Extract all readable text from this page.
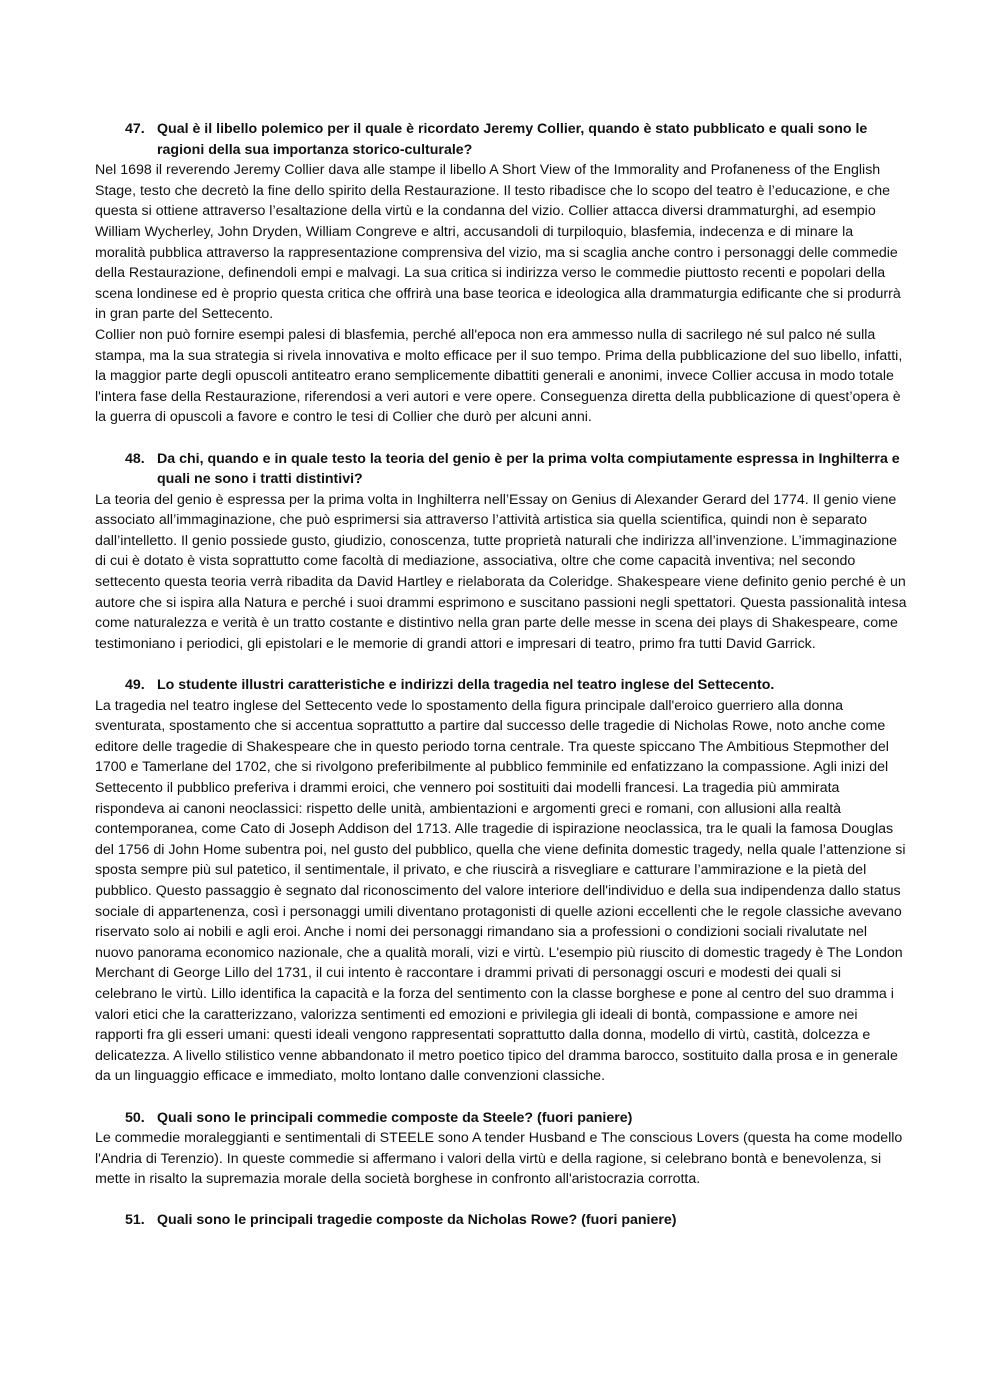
47. Qual è il libello polemico per il quale è ricordato Jeremy Collier, quando è stato pubblicato e quali sono le ragioni della sua importanza storico-culturale?

Nel 1698 il reverendo Jeremy Collier dava alle stampe il libello A Short View of the Immorality and Profaneness of the English Stage, testo che decretò la fine dello spirito della Restaurazione. Il testo ribadisce che lo scopo del teatro è l’educazione, e che questa si ottiene attraverso l’esaltazione della virtù e la condanna del vizio. Collier attacca diversi drammaturghi, ad esempio William Wycherley, John Dryden, William Congreve e altri, accusandoli di turpiloquio, blasfemia, indecenza e di minare la moralità pubblica attraverso la rappresentazione comprensiva del vizio, ma si scaglia anche contro i personaggi delle commedie della Restaurazione, definendoli empi e malvagi. La sua critica si indirizza verso le commedie piuttosto recenti e popolari della scena londinese ed è proprio questa critica che offrirà una base teorica e ideologica alla drammaturgia edificante che si produrrà in gran parte del Settecento.

Collier non può fornire esempi palesi di blasfemia, perché all'epoca non era ammesso nulla di sacrilego né sul palco né sulla stampa, ma la sua strategia si rivela innovativa e molto efficace per il suo tempo. Prima della pubblicazione del suo libello, infatti, la maggior parte degli opuscoli antiteatro erano semplicemente dibattiti generali e anonimi, invece Collier accusa in modo totale l'intera fase della Restaurazione, riferendosi a veri autori e vere opere. Conseguenza diretta della pubblicazione di quest’opera è la guerra di opuscoli a favore e contro le tesi di Collier che durò per alcuni anni.

48. Da chi, quando e in quale testo la teoria del genio è per la prima volta compiutamente espressa in Inghilterra e quali ne sono i tratti distintivi?

La teoria del genio è espressa per la prima volta in Inghilterra nell’Essay on Genius di Alexander Gerard del 1774. Il genio viene associato all’immaginazione, che può esprimersi sia attraverso l’attività artistica sia quella scientifica, quindi non è separato dall’intelletto. Il genio possiede gusto, giudizio, conoscenza, tutte proprietà naturali che indirizza all’invenzione. L’immaginazione di cui è dotato è vista soprattutto come facoltà di mediazione, associativa, oltre che come capacità inventiva; nel secondo settecento questa teoria verrà ribadita da David Hartley e rielaborata da Coleridge. Shakespeare viene definito genio perché è un autore che si ispira alla Natura e perché i suoi drammi esprimono e suscitano passioni negli spettatori. Questa passionalità intesa come naturalezza e verità è un tratto costante e distintivo nella gran parte delle messe in scena dei plays di Shakespeare, come testimoniano i periodici, gli epistolari e le memorie di grandi attori e impresari di teatro, primo fra tutti David Garrick.

49. Lo studente illustri caratteristiche e indirizzi della tragedia nel teatro inglese del Settecento.

La tragedia nel teatro inglese del Settecento vede lo spostamento della figura principale dall'eroico guerriero alla donna sventurata, spostamento che si accentua soprattutto a partire dal successo delle tragedie di Nicholas Rowe, noto anche come editore delle tragedie di Shakespeare che in questo periodo torna centrale. Tra queste spiccano The Ambitious Stepmother del 1700 e Tamerlane del 1702, che si rivolgono preferibilmente al pubblico femminile ed enfatizzano la compassione. Agli inizi del Settecento il pubblico preferiva i drammi eroici, che vennero poi sostituiti dai modelli francesi. La tragedia più ammirata rispondeva ai canoni neoclassici: rispetto delle unità, ambientazioni e argomenti greci e romani, con allusioni alla realtà contemporanea, come Cato di Joseph Addison del 1713. Alle tragedie di ispirazione neoclassica, tra le quali la famosa Douglas del 1756 di John Home subentra poi, nel gusto del pubblico, quella che viene definita domestic tragedy, nella quale l’attenzione si sposta sempre più sul patetico, il sentimentale, il privato, e che riuscirà a risvegliare e catturare l’ammirazione e la pietà del pubblico. Questo passaggio è segnato dal riconoscimento del valore interiore dell'individuo e della sua indipendenza dallo status sociale di appartenenza, così i personaggi umili diventano protagonisti di quelle azioni eccellenti che le regole classiche avevano riservato solo ai nobili e agli eroi. Anche i nomi dei personaggi rimandano sia a professioni o condizioni sociali rivalutate nel nuovo panorama economico nazionale, che a qualità morali, vizi e virtù. L'esempio più riuscito di domestic tragedy è The London Merchant di George Lillo del 1731, il cui intento è raccontare i drammi privati di personaggi oscuri e modesti dei quali si celebrano le virtù. Lillo identifica la capacità e la forza del sentimento con la classe borghese e pone al centro del suo dramma i valori etici che la caratterizzano, valorizza sentimenti ed emozioni e privilegia gli ideali di bontà, compassione e amore nei rapporti fra gli esseri umani: questi ideali vengono rappresentati soprattutto dalla donna, modello di virtù, castità, dolcezza e delicatezza. A livello stilistico venne abbandonato il metro poetico tipico del dramma barocco, sostituito dalla prosa e in generale da un linguaggio efficace e immediato, molto lontano dalle convenzioni classiche.

50. Quali sono le principali commedie composte da Steele? (fuori paniere)

Le commedie moraleggianti e sentimentali di STEELE sono A tender Husband e The conscious Lovers (questa ha come modello l'Andria di Terenzio). In queste commedie si affermano i valori della virtù e della ragione, si celebrano bontà e benevolenza, si mette in risalto la supremazia morale della società borghese in confronto all'aristocrazia corrotta.

51. Quali sono le principali tragedie composte da Nicholas Rowe? (fuori paniere)
